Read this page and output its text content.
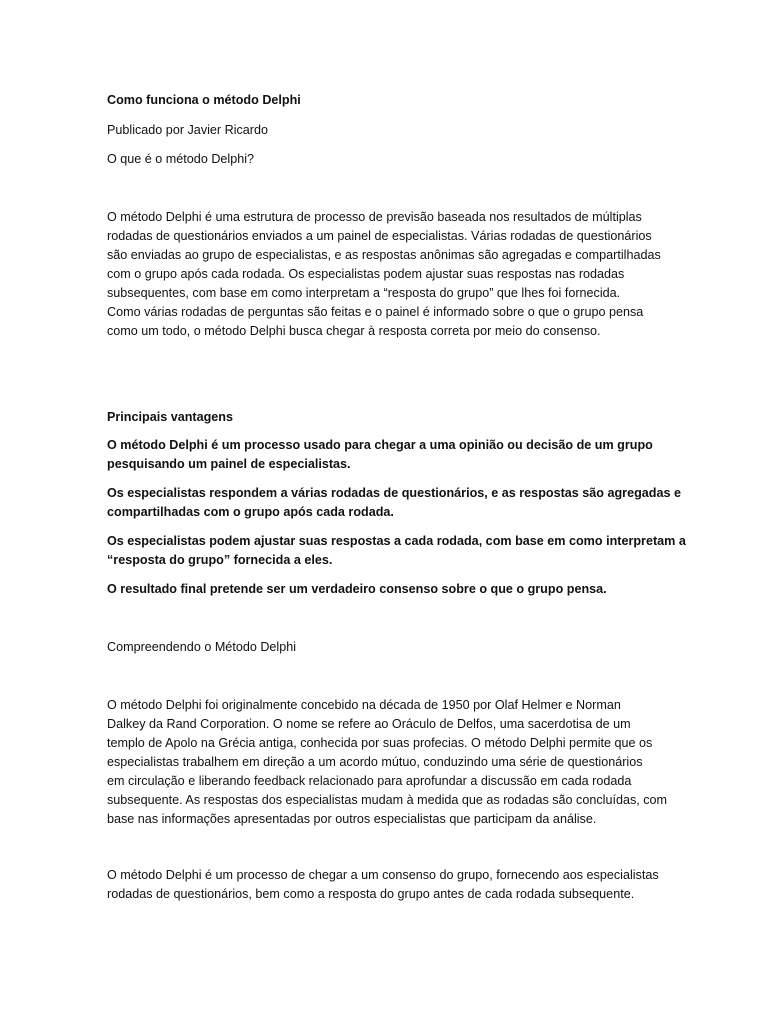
Como funciona o método Delphi

Publicado por Javier Ricardo

O que é o método Delphi?

O método Delphi é uma estrutura de processo de previsão baseada nos resultados de múltiplas
rodadas de questionários enviados a um painel de especialistas. Várias rodadas de questionários
são enviadas ao grupo de especialistas, e as respostas anônimas são agregadas e compartilhadas
com o grupo após cada rodada. Os especialistas podem ajustar suas respostas nas rodadas
subsequentes, com base em como interpretam a “resposta do grupo” que lhes foi fornecida.
Como várias rodadas de perguntas são feitas e o painel é informado sobre o que o grupo pensa
como um todo, o método Delphi busca chegar à resposta correta por meio do consenso.

Principais vantagens

O método Delphi é um processo usado para chegar a uma opinião ou decisão de um grupo
pesquisando um painel de especialistas.
Os especialistas respondem a várias rodadas de questionários, e as respostas são agregadas e
compartilhadas com o grupo após cada rodada.
Os especialistas podem ajustar suas respostas a cada rodada, com base em como interpretam a
“resposta do grupo” fornecida a eles.
O resultado final pretende ser um verdadeiro consenso sobre o que o grupo pensa.

Compreendendo o Método Delphi

O método Delphi foi originalmente concebido na década de 1950 por Olaf Helmer e Norman
Dalkey da Rand Corporation. O nome se refere ao Oráculo de Delfos, uma sacerdotisa de um
templo de Apolo na Grécia antiga, conhecida por suas profecias. O método Delphi permite que os
especialistas trabalhem em direção a um acordo mútuo, conduzindo uma série de questionários
em circulação e liberando feedback relacionado para aprofundar a discussão em cada rodada
subsequente. As respostas dos especialistas mudam à medida que as rodadas são concluídas, com
base nas informações apresentadas por outros especialistas que participam da análise.
O método Delphi é um processo de chegar a um consenso do grupo, fornecendo aos especialistas
rodadas de questionários, bem como a resposta do grupo antes de cada rodada subsequente.
